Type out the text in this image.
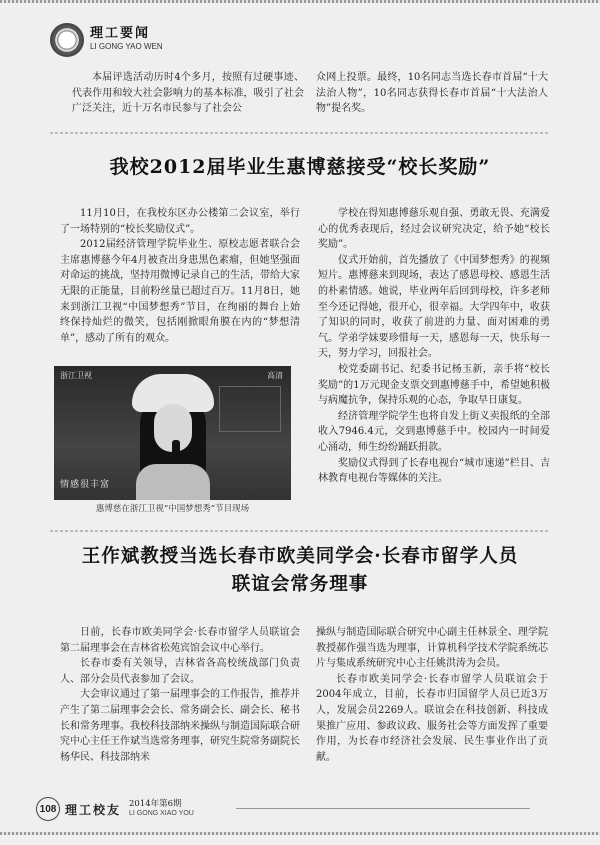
理工要闻
LI GONG YAO WEN
本届评选活动历时4个多月，按照有过硬事迹、代表作用和较大社会影响力的基本标准，吸引了社会广泛关注，近十万名市民参与了社会公
众网上投票。最终，10名同志当选长春市首届“十大法治人物”，10名同志获得长春市首届“十大法治人物”提名奖。
我校2012届毕业生惠博慈接受“校长奖励”

11月10日，在我校东区办公楼第二会议室，举行了一场特别的“校长奖励仪式”。

2012届经济管理学院毕业生、原校志愿者联合会主席惠博慈今年4月被查出身患黑色素瘤，但她坚强面对命运的挑战，坚持用微博记录自己的生活，带给大家无限的正能量，目前粉丝量已超过百万。11月8日，她来到浙江卫视“中国梦想秀”节目，在绚丽的舞台上始终保持灿烂的微笑，包括刚掀眼角膜在内的“梦想清单”，感动了所有的观众。

浙江卫视	高清
情感很丰富
惠博慈在浙江卫视“中国梦想秀”节目现场

学校在得知惠博慈乐观自强、勇敢无畏、充满爱心的优秀表现后，经过会议研究决定，给予她“校长奖励”。

仪式开始前，首先播放了《中国梦想秀》的视频短片。惠博慈来到现场，表达了感恩母校、感恩生活的朴素情感。她说，毕业两年后回到母校，许多老师至今还记得她，很开心，很幸福。大学四年中，收获了知识的同时，收获了前进的力量、面对困难的勇气。学弟学妹要珍惜每一天，感恩每一天，快乐每一天，努力学习，回报社会。

校党委副书记、纪委书记杨玉新，亲手将“校长奖励”的1万元现金支票交到惠博慈手中，希望她积极与病魔抗争，保持乐观的心态，争取早日康复。

经济管理学院学生也将自发上街义卖报纸的全部收入7946.4元，交到惠博慈手中。校园内一时间爱心涌动，师生纷纷踊跃捐款。

奖励仪式得到了长春电视台“城市速递”栏目、吉林教育电视台等媒体的关注。

王作斌教授当选长春市欧美同学会·长春市留学人员
联谊会常务理事

日前，长春市欧美同学会·长春市留学人员联谊会第二届理事会在吉林省松苑宾馆会议中心举行。

长春市委有关领导，吉林省各高校统战部门负责人、部分会员代表参加了会议。

大会审议通过了第一届理事会的工作报告，推荐并产生了第二届理事会会长、常务副会长、副会长、秘书长和常务理事。我校科技部纳米操纵与制造国际联合研究中心主任王作斌当选常务理事，研究生院常务副院长杨华民、科技部纳米

操纵与制造国际联合研究中心副主任林景全、理学院教授郝作强当选为理事，计算机科学技术学院系统芯片与集成系统研究中心主任姚洪涛为会员。

长春市欧美同学会·长春市留学人员联谊会于2004年成立，目前，长春市归国留学人员已近3万人，发展会员2269人。联谊会在科技创新、科技成果推广应用、参政议政、服务社会等方面发挥了重要作用，为长春市经济社会发展、民生事业作出了贡献。

108 理工校友 2014年第6期
LI GONG XIAO YOU
